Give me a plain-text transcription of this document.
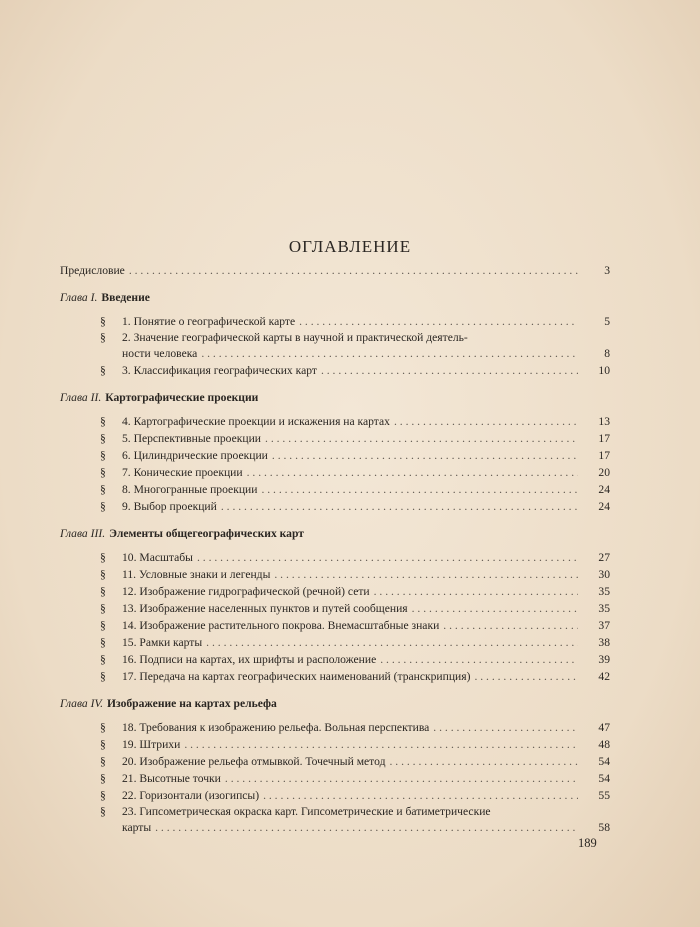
ОГЛАВЛЕНИЕ
Предисловие . . .	3
Глава I. Введение
§ 1. Понятие о географической карте . . .	5
§ 2. Значение географической карты в научной и практической деятель-
ности человека . . .	8
§ 3. Классификация географических карт . . .	10
Глава II. Картографические проекции
§ 4. Картографические проекции и искажения на картах . . .	13
§ 5. Перспективные проекции . . .	17
§ 6. Цилиндрические проекции . . .	17
§ 7. Конические проекции . . .	20
§ 8. Многогранные проекции . . .	24
§ 9. Выбор проекций . . .	24
Глава III. Элементы общегеографических карт
§ 10. Масштабы . . .	27
§ 11. Условные знаки и легенды . . .	30
§ 12. Изображение гидрографической (речной) сети . . .	35
§ 13. Изображение населенных пунктов и путей сообщения . . .	35
§ 14. Изображение растительного покрова. Внемасштабные знаки . . .	37
§ 15. Рамки карты . . .	38
§ 16. Подписи на картах, их шрифты и расположение . . .	39
§ 17. Передача на картах географических наименований (транскрипция) . . .	42
Глава IV. Изображение на картах рельефа
§ 18. Требования к изображению рельефа. Вольная перспектива . . .	47
§ 19. Штрихи . . .	48
§ 20. Изображение рельефа отмывкой. Точечный метод . . .	54
§ 21. Высотные точки . . .	54
§ 22. Горизонтали (изогипсы) . . .	55
§ 23. Гипсометрическая окраска карт. Гипсометрические и батиметрические
карты . . .	58
189
